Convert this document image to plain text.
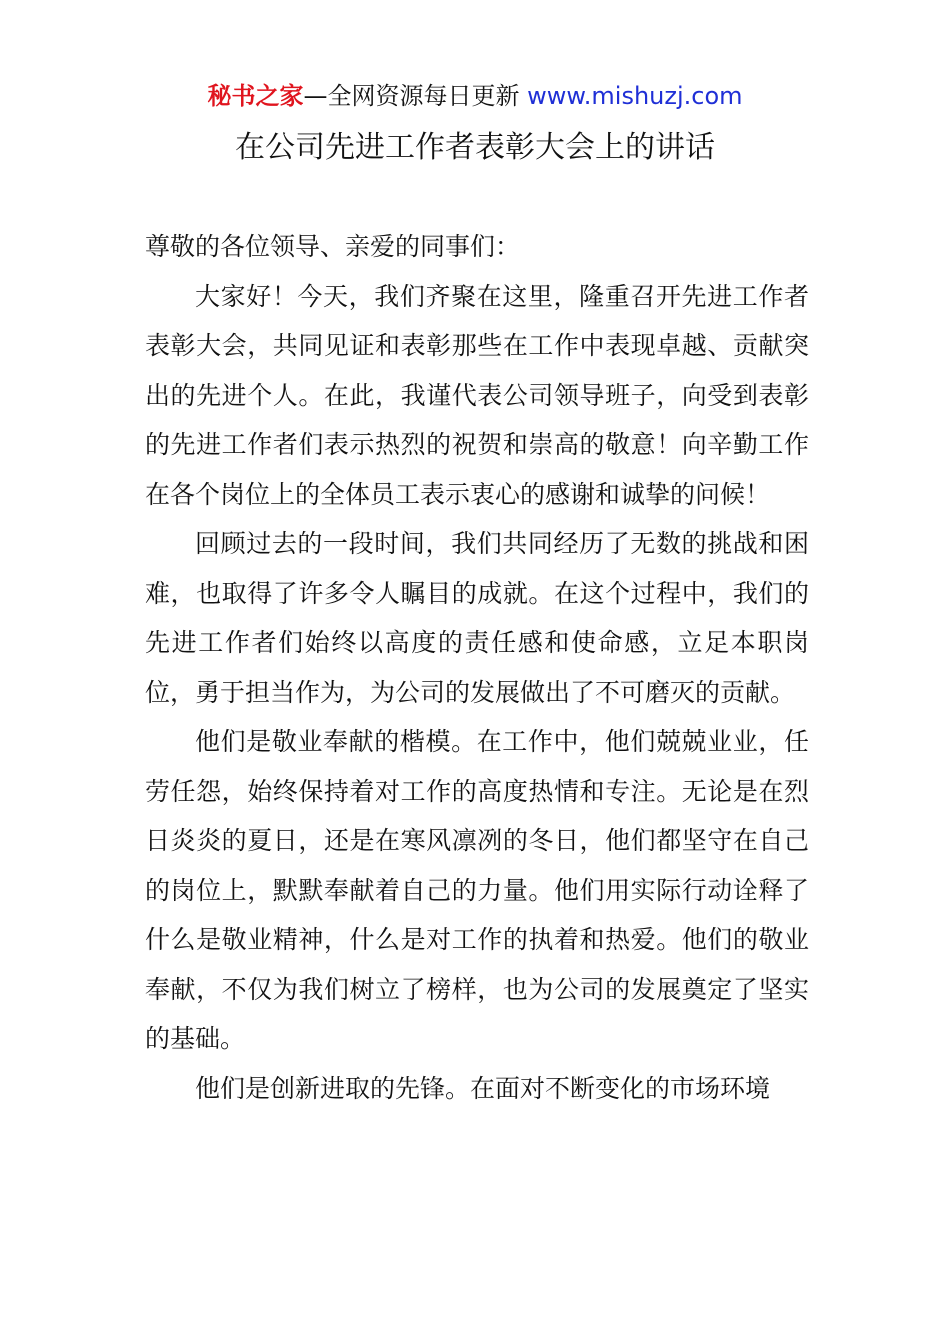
秘书之家—全网资源每日更新 www.mishuzj.com
在公司先进工作者表彰大会上的讲话

尊敬的各位领导、亲爱的同事们：

大家好！今天，我们齐聚在这里，隆重召开先进工作者表彰大会，共同见证和表彰那些在工作中表现卓越、贡献突出的先进个人。在此，我谨代表公司领导班子，向受到表彰的先进工作者们表示热烈的祝贺和崇高的敬意！向辛勤工作在各个岗位上的全体员工表示衷心的感谢和诚挚的问候！

回顾过去的一段时间，我们共同经历了无数的挑战和困难，也取得了许多令人瞩目的成就。在这个过程中，我们的先进工作者们始终以高度的责任感和使命感，立足本职岗位，勇于担当作为，为公司的发展做出了不可磨灭的贡献。

他们是敬业奉献的楷模。在工作中，他们兢兢业业，任劳任怨，始终保持着对工作的高度热情和专注。无论是在烈日炎炎的夏日，还是在寒风凛冽的冬日，他们都坚守在自己的岗位上，默默奉献着自己的力量。他们用实际行动诠释了什么是敬业精神，什么是对工作的执着和热爱。他们的敬业奉献，不仅为我们树立了榜样，也为公司的发展奠定了坚实的基础。

他们是创新进取的先锋。在面对不断变化的市场环境
